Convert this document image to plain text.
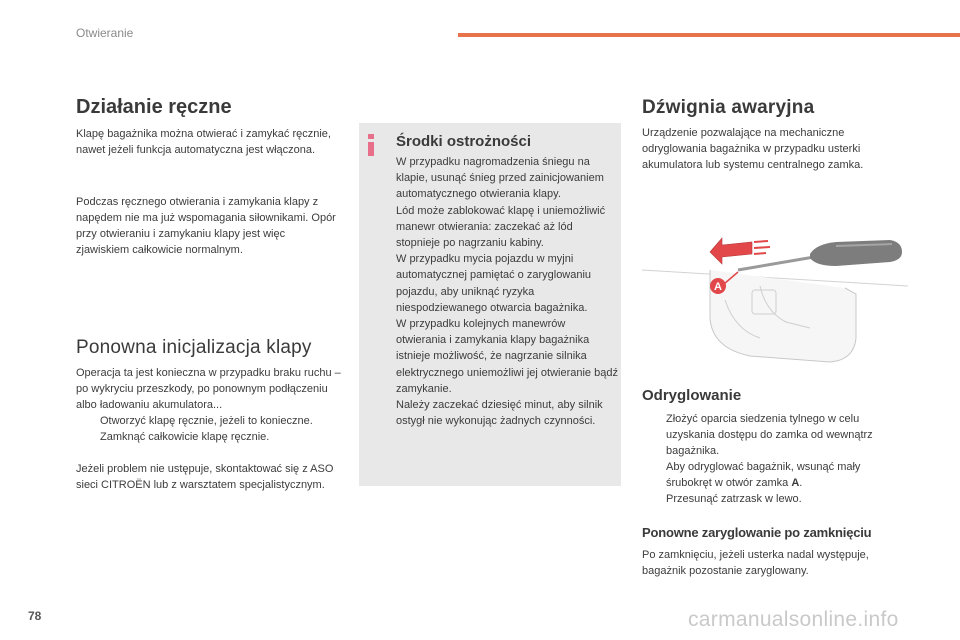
Otwieranie
Działanie ręczne

Klapę bagażnika można otwierać i zamykać ręcznie, nawet jeżeli funkcja automatyczna jest włączona.

Podczas ręcznego otwierania i zamykania klapy z napędem nie ma już wspomagania siłownikami. Opór przy otwieraniu i zamykaniu klapy jest więc zjawiskiem całkowicie normalnym.

Ponowna inicjalizacja klapy

Operacja ta jest konieczna w przypadku braku ruchu – po wykryciu przeszkody, po ponownym podłączeniu albo ładowaniu akumulatora...

Otworzyć klapę ręcznie, jeżeli to konieczne.
Zamknąć całkowicie klapę ręcznie.

Jeżeli problem nie ustępuje, skontaktować się z ASO sieci CITROËN lub z warsztatem specjalistycznym.

Środki ostrożności

W przypadku nagromadzenia śniegu na klapie, usunąć śnieg przed zainicjowaniem automatycznego otwierania klapy.
Lód może zablokować klapę i uniemożliwić manewr otwierania: zaczekać aż lód stopnieje po nagrzaniu kabiny.
W przypadku mycia pojazdu w myjni automatycznej pamiętać o zaryglowaniu pojazdu, aby uniknąć ryzyka niespodziewanego otwarcia bagażnika.
W przypadku kolejnych manewrów otwierania i zamykania klapy bagażnika istnieje możliwość, że nagrzanie silnika elektrycznego uniemożliwi jej otwieranie bądź zamykanie.
Należy zaczekać dziesięć minut, aby silnik ostygł nie wykonując żadnych czynności.

Dźwignia awaryjna

Urządzenie pozwalające na mechaniczne odryglowania bagażnika w przypadku usterki akumulatora lub systemu centralnego zamka.

A
Odryglowanie
Złożyć oparcia siedzenia tylnego w celu uzyskania dostępu do zamka od wewnątrz bagażnika.
Aby odryglować bagażnik, wsunąć mały śrubokręt w otwór zamka A.
Przesunąć zatrzask w lewo.
Ponowne zaryglowanie po zamknięciu

Po zamknięciu, jeżeli usterka nadal występuje, bagażnik pozostanie zaryglowany.

78	carmanualsonline.info
